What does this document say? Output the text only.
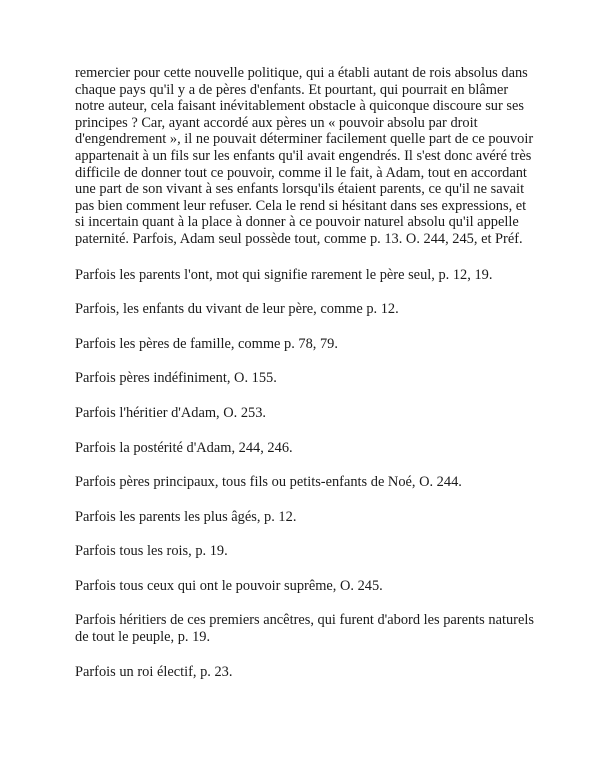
remercier pour cette nouvelle politique, qui a établi autant de rois absolus dans chaque pays qu'il y a de pères d'enfants. Et pourtant, qui pourrait en blâmer notre auteur, cela faisant inévitablement obstacle à quiconque discoure sur ses principes ? Car, ayant accordé aux pères un « pouvoir absolu par droit d'engendrement », il ne pouvait déterminer facilement quelle part de ce pouvoir appartenait à un fils sur les enfants qu'il avait engendrés. Il s'est donc avéré très difficile de donner tout ce pouvoir, comme il le fait, à Adam, tout en accordant une part de son vivant à ses enfants lorsqu'ils étaient parents, ce qu'il ne savait pas bien comment leur refuser. Cela le rend si hésitant dans ses expressions, et si incertain quant à la place à donner à ce pouvoir naturel absolu qu'il appelle paternité. Parfois, Adam seul possède tout, comme p. 13. O. 244, 245, et Préf.

Parfois les parents l'ont, mot qui signifie rarement le père seul, p. 12, 19.

Parfois, les enfants du vivant de leur père, comme p. 12.

Parfois les pères de famille, comme p. 78, 79.

Parfois pères indéfiniment, O. 155.

Parfois l'héritier d'Adam, O. 253.

Parfois la postérité d'Adam, 244, 246.

Parfois pères principaux, tous fils ou petits-enfants de Noé, O. 244.

Parfois les parents les plus âgés, p. 12.

Parfois tous les rois, p. 19.

Parfois tous ceux qui ont le pouvoir suprême, O. 245.

Parfois héritiers de ces premiers ancêtres, qui furent d'abord les parents naturels de tout le peuple, p. 19.

Parfois un roi électif, p. 23.
